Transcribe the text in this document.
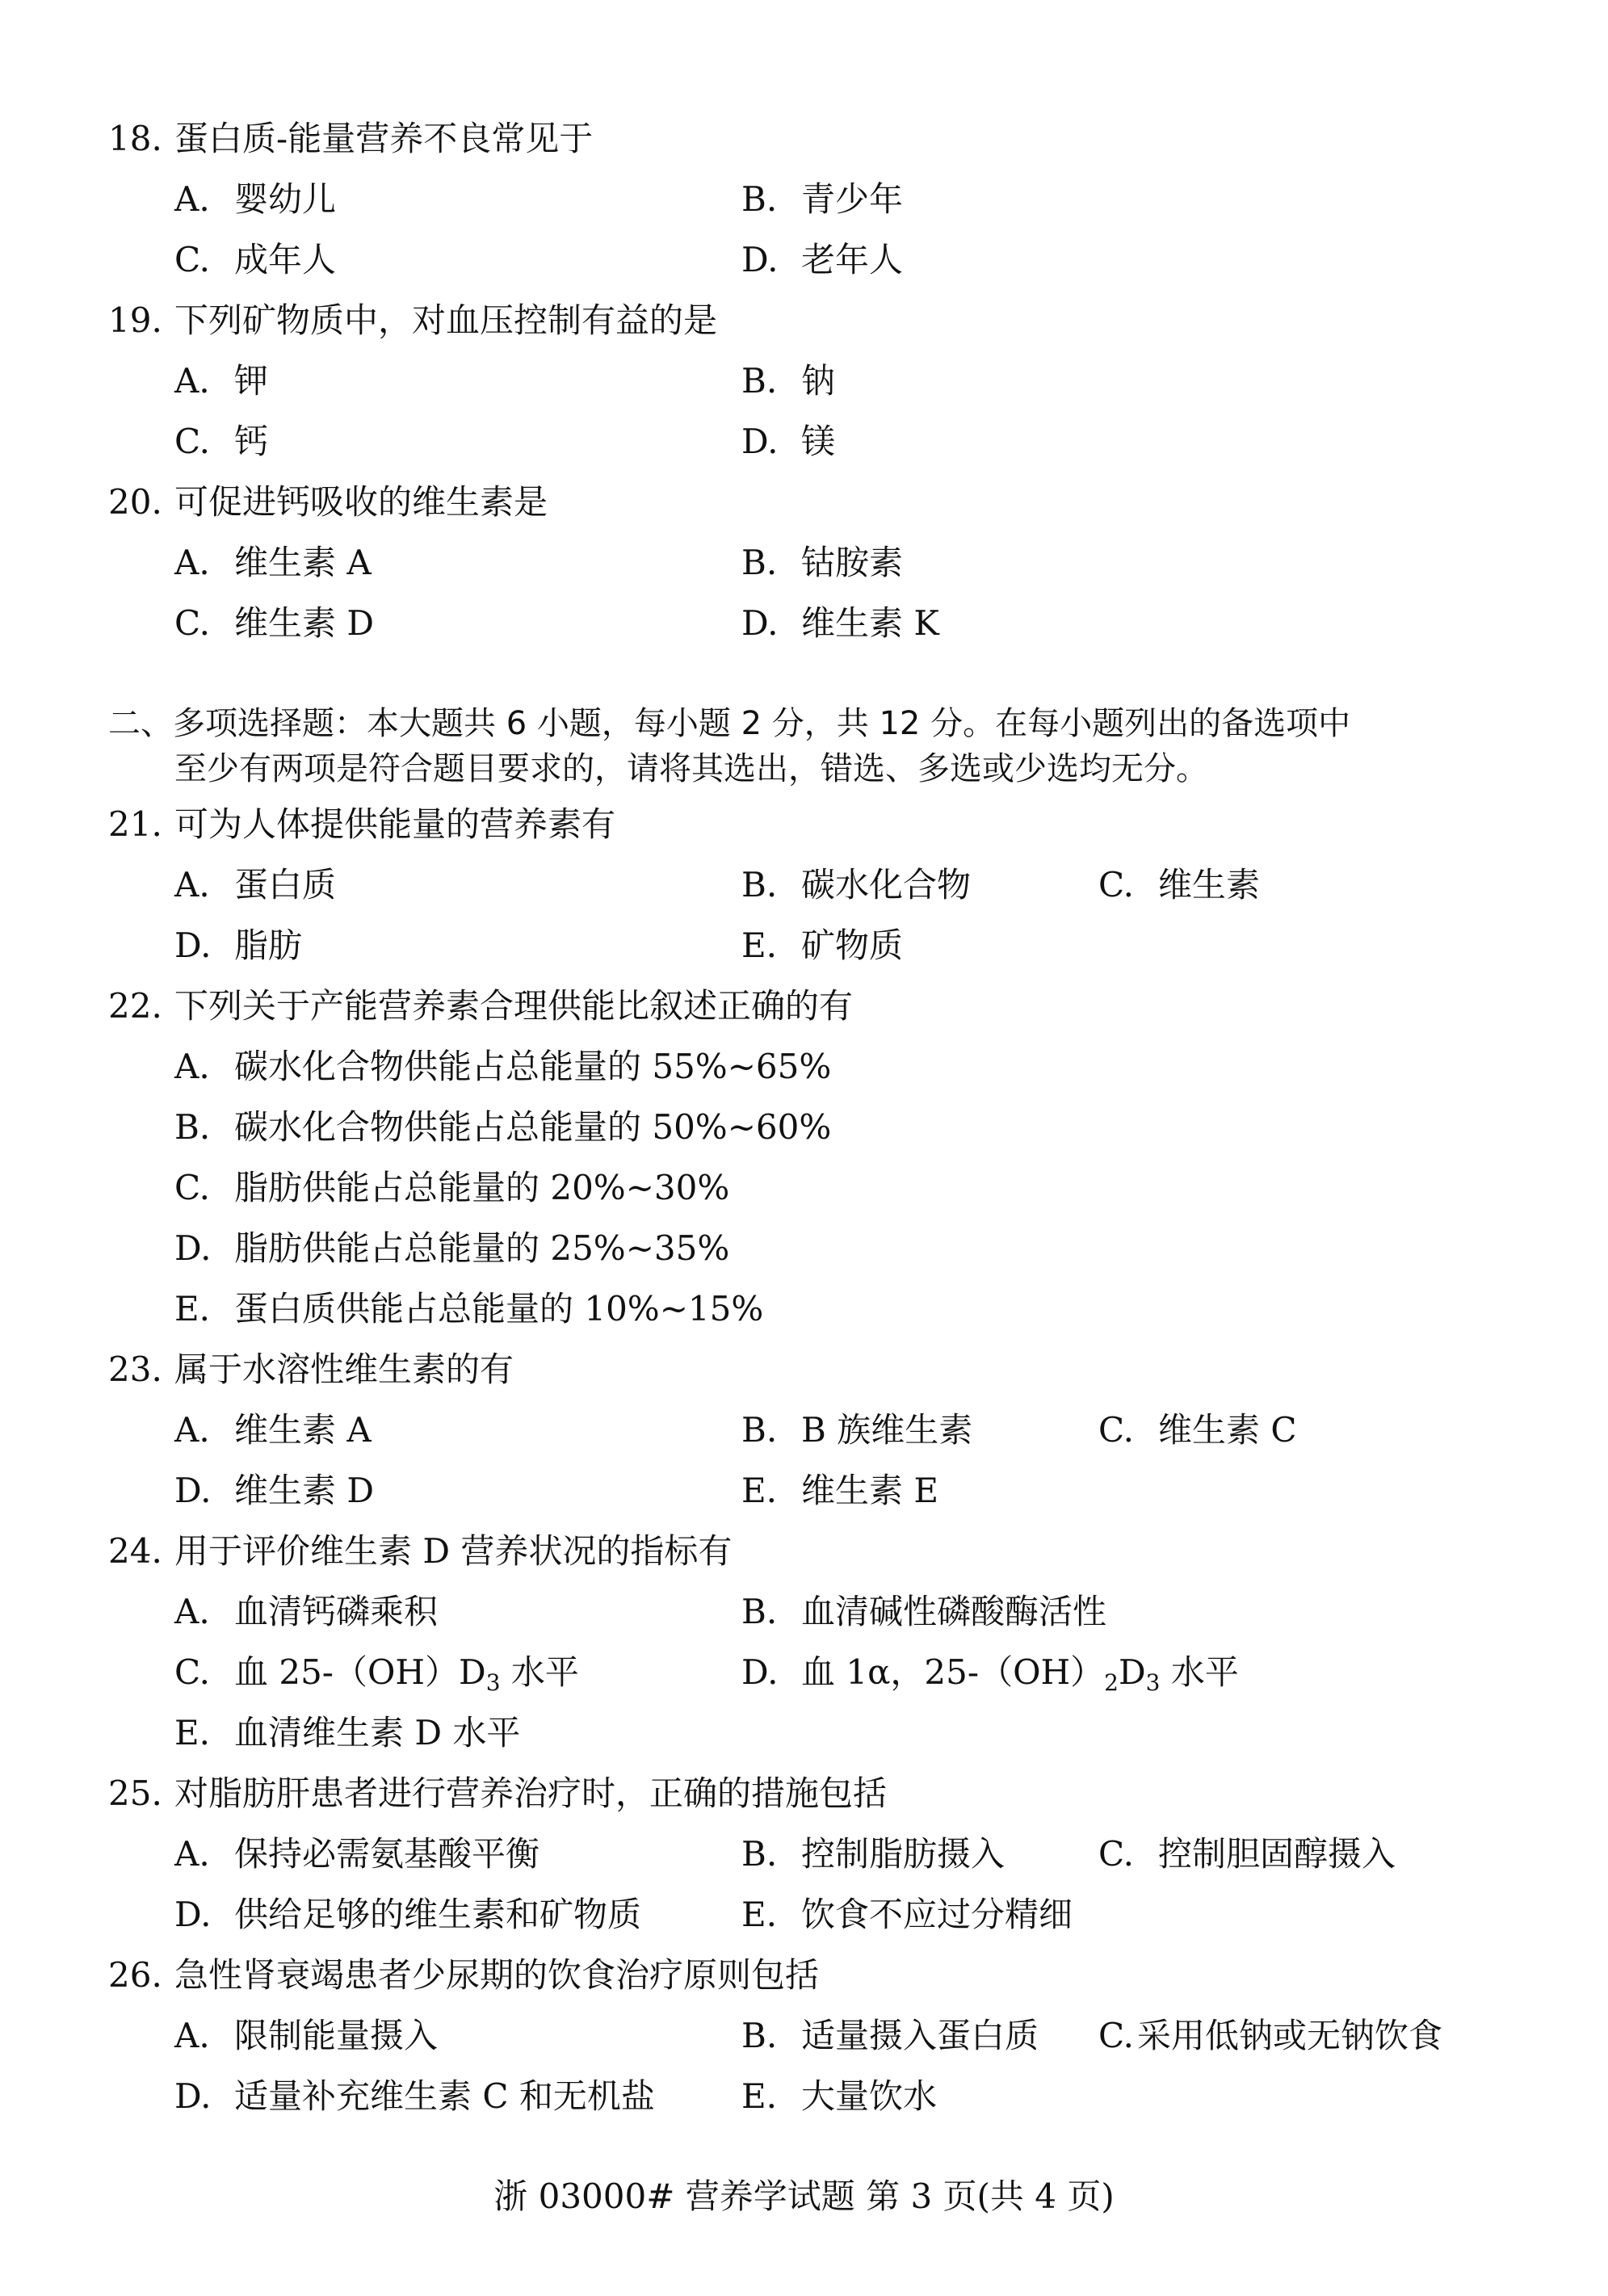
18. 蛋白质-能量营养不良常见于
A. 婴幼儿	B. 青少年
C. 成年人	D. 老年人
19. 下列矿物质中，对血压控制有益的是
A. 钾	B. 钠
C. 钙	D. 镁
20. 可促进钙吸收的维生素是
A. 维生素 A	B. 钴胺素
C. 维生素 D	D. 维生素 K
二、多项选择题：本大题共 6 小题，每小题 2 分，共 12 分。在每小题列出的备选项中
至少有两项是符合题目要求的，请将其选出，错选、多选或少选均无分。
21. 可为人体提供能量的营养素有
A. 蛋白质	B. 碳水化合物	C. 维生素
D. 脂肪	E. 矿物质
22. 下列关于产能营养素合理供能比叙述正确的有
A. 碳水化合物供能占总能量的 55%~65%
B. 碳水化合物供能占总能量的 50%~60%
C. 脂肪供能占总能量的 20%~30%
D. 脂肪供能占总能量的 25%~35%
E. 蛋白质供能占总能量的 10%~15%
23. 属于水溶性维生素的有
A. 维生素 A	B. B 族维生素	C. 维生素 C
D. 维生素 D	E. 维生素 E
24. 用于评价维生素 D 营养状况的指标有
A. 血清钙磷乘积	B. 血清碱性磷酸酶活性
C. 血 $25-(OH)D_3$ 水平	D. 血 1α，$25-(OH)_2D_3$ 水平
E. 血清维生素 D 水平
25. 对脂肪肝患者进行营养治疗时，正确的措施包括
A. 保持必需氨基酸平衡	B. 控制脂肪摄入	C. 控制胆固醇摄入
D. 供给足够的维生素和矿物质	E. 饮食不应过分精细
26. 急性肾衰竭患者少尿期的饮食治疗原则包括
A. 限制能量摄入	B. 适量摄入蛋白质 C.采用低钠或无钠饮食
D. 适量补充维生素 C 和无机盐	E. 大量饮水
浙 03000# 营养学试题 第 3 页(共 4 页)
